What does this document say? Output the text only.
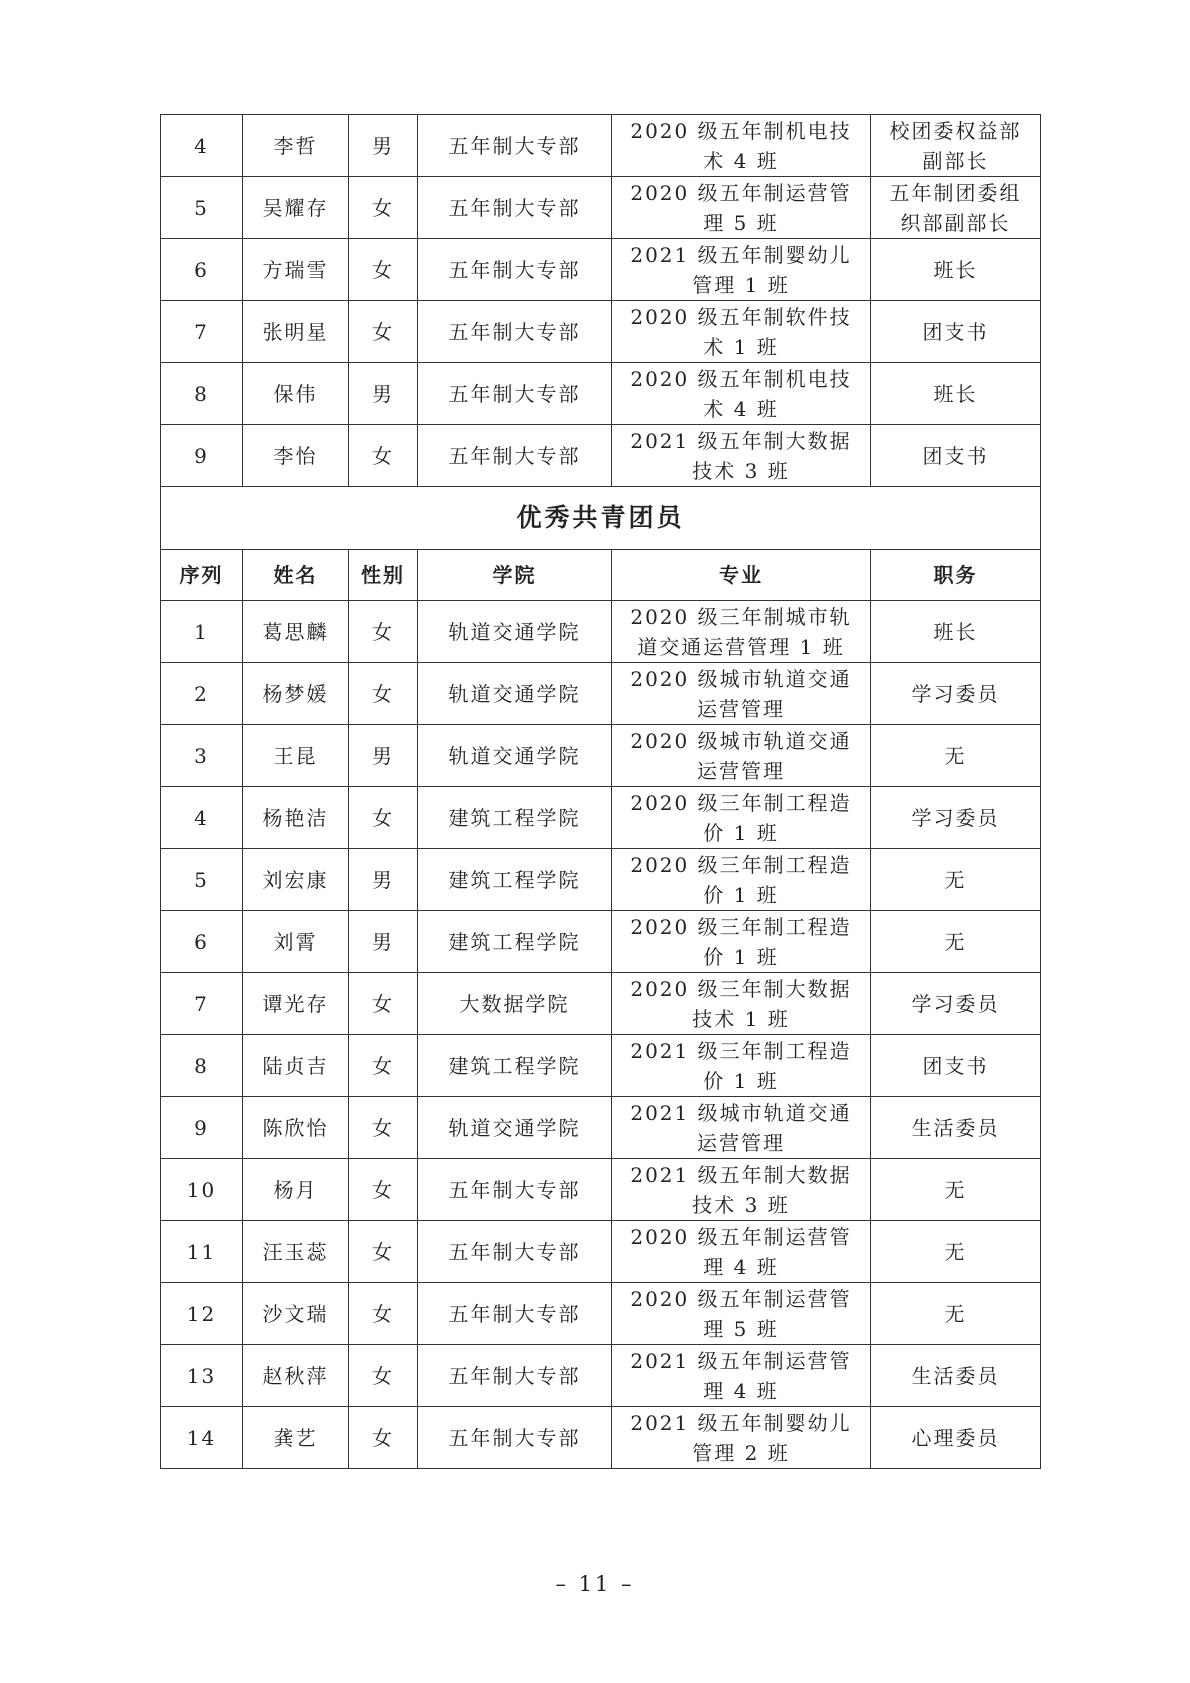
4	李哲	男	五年制大专部	2020 级五年制机电技术 4 班	校团委权益部副部长
5	吴耀存	女	五年制大专部	2020 级五年制运营管理 5 班	五年制团委组织部副部长
6	方瑞雪	女	五年制大专部	2021 级五年制婴幼儿管理 1 班	班长
7	张明星	女	五年制大专部	2020 级五年制软件技术 1 班	团支书
8	保伟	男	五年制大专部	2020 级五年制机电技术 4 班	班长
9	李怡	女	五年制大专部	2021 级五年制大数据技术 3 班	团支书
优秀共青团员					
序列	姓名	性别	学院	专业	职务
1	葛思麟	女	轨道交通学院	2020 级三年制城市轨道交通运营管理 1 班	班长
2	杨梦媛	女	轨道交通学院	2020 级城市轨道交通运营管理	学习委员
3	王昆	男	轨道交通学院	2020 级城市轨道交通运营管理	无
4	杨艳洁	女	建筑工程学院	2020 级三年制工程造价 1 班	学习委员
5	刘宏康	男	建筑工程学院	2020 级三年制工程造价 1 班	无
6	刘霄	男	建筑工程学院	2020 级三年制工程造价 1 班	无
7	谭光存	女	大数据学院	2020 级三年制大数据技术 1 班	学习委员
8	陆贞吉	女	建筑工程学院	2021 级三年制工程造价 1 班	团支书
9	陈欣怡	女	轨道交通学院	2021 级城市轨道交通运营管理	生活委员
10	杨月	女	五年制大专部	2021 级五年制大数据技术 3 班	无
11	汪玉蕊	女	五年制大专部	2020 级五年制运营管理 4 班	无
12	沙文瑞	女	五年制大专部	2020 级五年制运营管理 5 班	无
13	赵秋萍	女	五年制大专部	2021 级五年制运营管理 4 班	生活委员
14	龚艺	女	五年制大专部	2021 级五年制婴幼儿管理 2 班	心理委员
– 11 –
